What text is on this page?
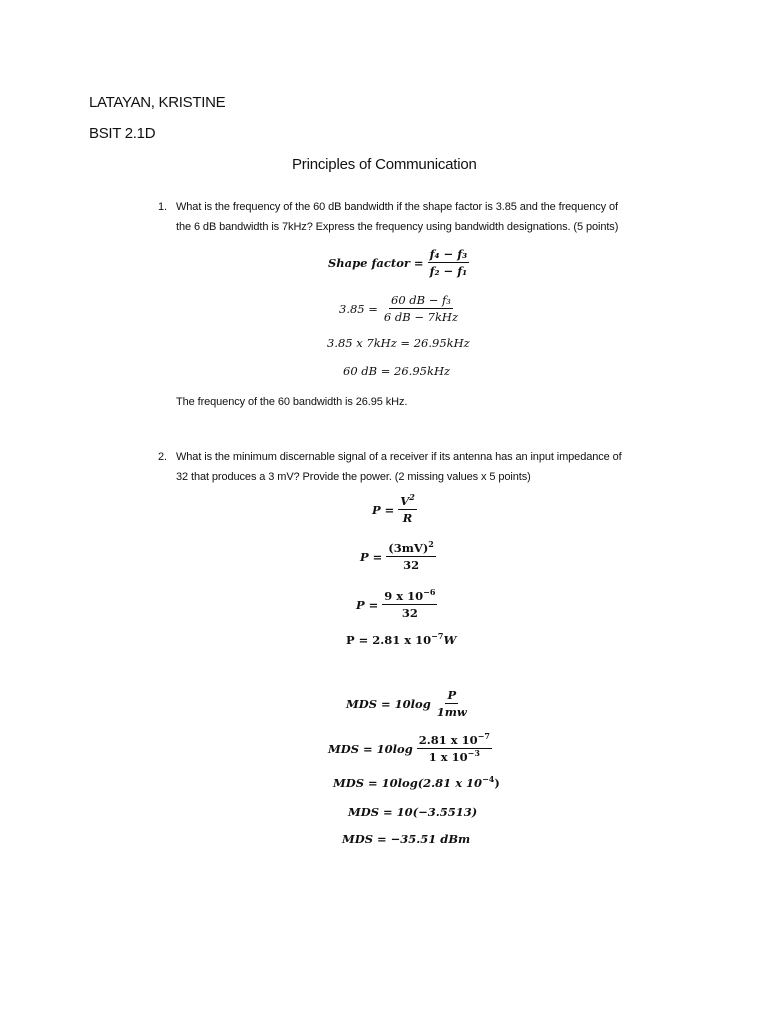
LATAYAN, KRISTINE
BSIT 2.1D
Principles of Communication
1. What is the frequency of the 60 dB bandwidth if the shape factor is 3.85 and the frequency of
the 6 dB bandwidth is 7kHz? Express the frequency using bandwidth designations. (5 points)
Shape factor = $\frac{\text{f₄ − f₃}}{\text{f₂ − f₁}}$
$3.85 = \frac{\text{60 dB − f₃}}{\text{6 dB − 7kHz}}$
3.85 x 7kHz = 26.95kHz
60 dB = 26.95kHz
The frequency of the 60 bandwidth is 26.95 kHz.
2. What is the minimum discernable signal of a receiver if its antenna has an input impedance of
32 that produces a 3 mV? Provide the power. (2 missing values x 5 points)
$P = \frac{V^2}{R}$
$P = \frac{(3mV)^2}{32}$
$P = \frac{9 x 10^{-6}}{32}$
P = 2.81 x $10^{-7}W$
MDS = $10\log \frac{P}{1mw}$
MDS = $10\log \frac{2.81 x 10^{-7}}{1 x 10^{-3}}$
MDS = 10log(2.81 x $10^{-4}$)
MDS = 10(−3.5513)
MDS = −35.51 dBm
